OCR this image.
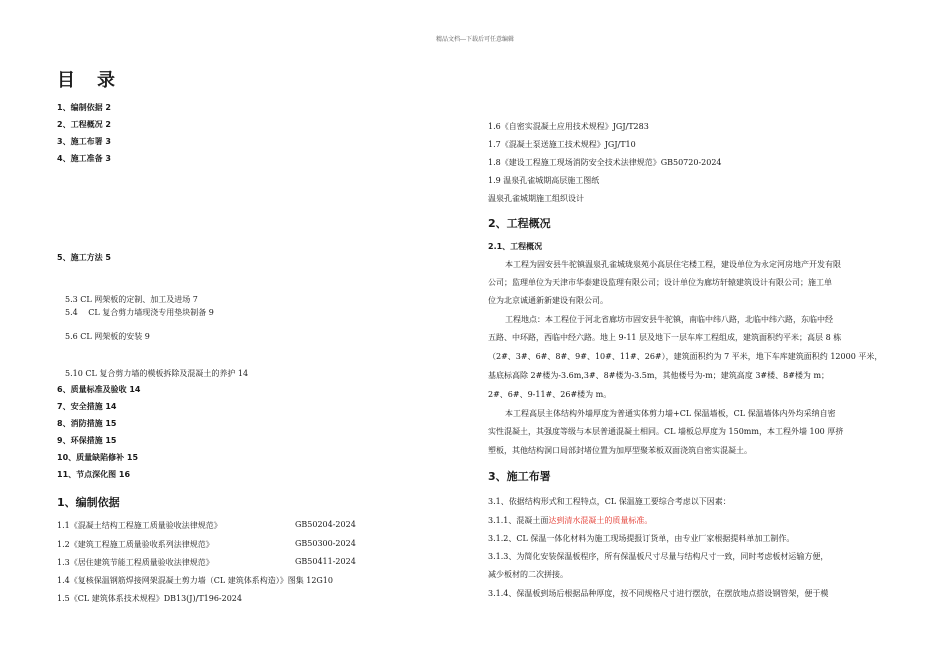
精品文档---下载后可任意编辑
目录
1、编制依据 2
2、工程概况 2
3、施工布署 3
4、施工准备 3
5、施工方法 5
5.3 CL 网架板的定制、加工及进场 7
5.4　 CL 复合剪力墙现浇专用垫块制备 9
5.6 CL 网架板的安装 9
5.10 CL 复合剪力墙的模板拆除及混凝土的养护 14
6、质量标准及验收 14
7、安全措施 14
8、消防措施 15
9、环保措施 15
10、质量缺陷修补 15
11、节点深化图 16
1、编制依据
1.1《混凝土结构工程施工质量验收法律规范》	GB50204-2024
1.2《建筑工程施工质量验收系列法律规范》	GB50300-2024
1.3《居住建筑节能工程质量验收法律规范》	GB50411-2024
1.4《复核保温钢筋焊接网架混凝土剪力墙（CL 建筑体系构造）》图集 12G10
1.5《CL 建筑体系技术规程》DB13(J)/T196-2024
1.6《自密实混凝土应用技术规程》JGJ/T283
1.7《混凝土泵送施工技术规程》JGJ/T10
1.8《建设工程施工现场消防安全技术法律规范》GB50720-2024
1.9 温泉孔雀城期高层施工图纸
温泉孔雀城期施工组织设计
2、工程概况
2.1、工程概况
本工程为固安县牛驼镇温泉孔雀城珑泉苑小高层住宅楼工程，建设单位为永定河房地产开发有限
公司；监理单位为天津市华泰建设监理有限公司；设计单位为廊坊轩辕建筑设计有限公司；施工单
位为北京诚通新新建设有限公司。
工程地点：本工程位于河北省廊坊市固安县牛驼镇，南临中纬八路，北临中纬六路，东临中经
五路、中环路，西临中经六路。地上 9-11 层及地下一层车库工程组成，建筑面积约平米；高层 8 栋
（2#、3#、6#、8#、9#、10#、11#、26#），建筑面积约为 7 平米，地下车库建筑面积约 12000 平米，
基底标高除 2#楼为-3.6m,3#、8#楼为-3.5m，其他楼号为-m；建筑高度 3#楼、8#楼为 m；
2#、6#、9-11#、26#楼为 m。
本工程高层主体结构外墙厚度为普通实体剪力墙+CL 保温墙板，CL 保温墙体内外均采纳自密
实性混凝土，其强度等级与本层普通混凝土相同。CL 墙板总厚度为 150mm，本工程外墙 100 厚挤
塑板，其他结构洞口局部封堵位置为加厚型聚苯板双面浇筑自密实混凝土。
3、施工布署
3.1、依据结构形式和工程特点，CL 保温施工要综合考虑以下因素：
3.1.1、混凝土面达到清水混凝土的质量标准。
3.1.2、CL 保温一体化材料为施工现场提报订货单，由专业厂家根据提料单加工制作。
3.1.3、为简化安装保温板程序，所有保温板尺寸尽量与结构尺寸一致，同时考虑板材运输方便，
减少板材的二次拼接。
3.1.4、保温板到场后根据品种厚度，按不同规格尺寸进行摆放，在摆放地点搭设钢管架，便于模
